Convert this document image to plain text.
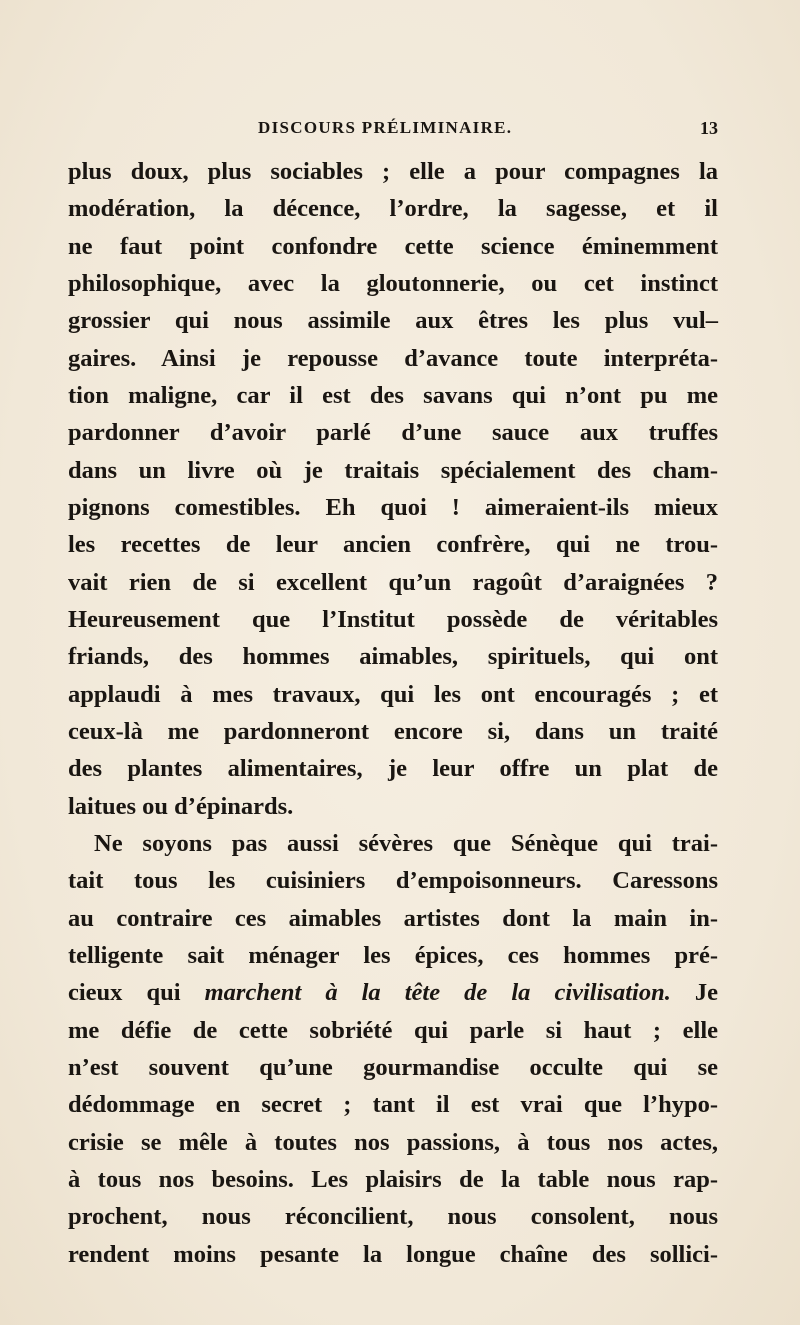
DISCOURS PRÉLIMINAIRE.	13
plus doux, plus sociables ; elle a pour compagnes la
modération, la décence, l’ordre, la sagesse, et il
ne faut point confondre cette science éminemment
philosophique, avec la gloutonnerie, ou cet instinct
grossier qui nous assimile aux êtres les plus vul–
gaires. Ainsi je repousse d’avance toute interpréta-
tion maligne, car il est des savans qui n’ont pu me
pardonner d’avoir parlé d’une sauce aux truffes
dans un livre où je traitais spécialement des cham-
pignons comestibles. Eh quoi ! aimeraient-ils mieux
les recettes de leur ancien confrère, qui ne trou-
vait rien de si excellent qu’un ragoût d’araignées ?
Heureusement que l’Institut possède de véritables
friands, des hommes aimables, spirituels, qui ont
applaudi à mes travaux, qui les ont encouragés ; et
ceux-là me pardonneront encore si, dans un traité
des plantes alimentaires, je leur offre un plat de
laitues ou d’épinards.
Ne soyons pas aussi sévères que Sénèque qui trai-
tait tous les cuisiniers d’empoisonneurs. Caressons
au contraire ces aimables artistes dont la main in-
telligente sait ménager les épices, ces hommes pré-
cieux qui marchent à la tête de la civilisation. Je
me défie de cette sobriété qui parle si haut ; elle
n’est souvent qu’une gourmandise occulte qui se
dédommage en secret ; tant il est vrai que l’hypo-
crisie se mêle à toutes nos passions, à tous nos actes,
à tous nos besoins. Les plaisirs de la table nous rap-
prochent, nous réconcilient, nous consolent, nous
rendent moins pesante la longue chaîne des sollici-
